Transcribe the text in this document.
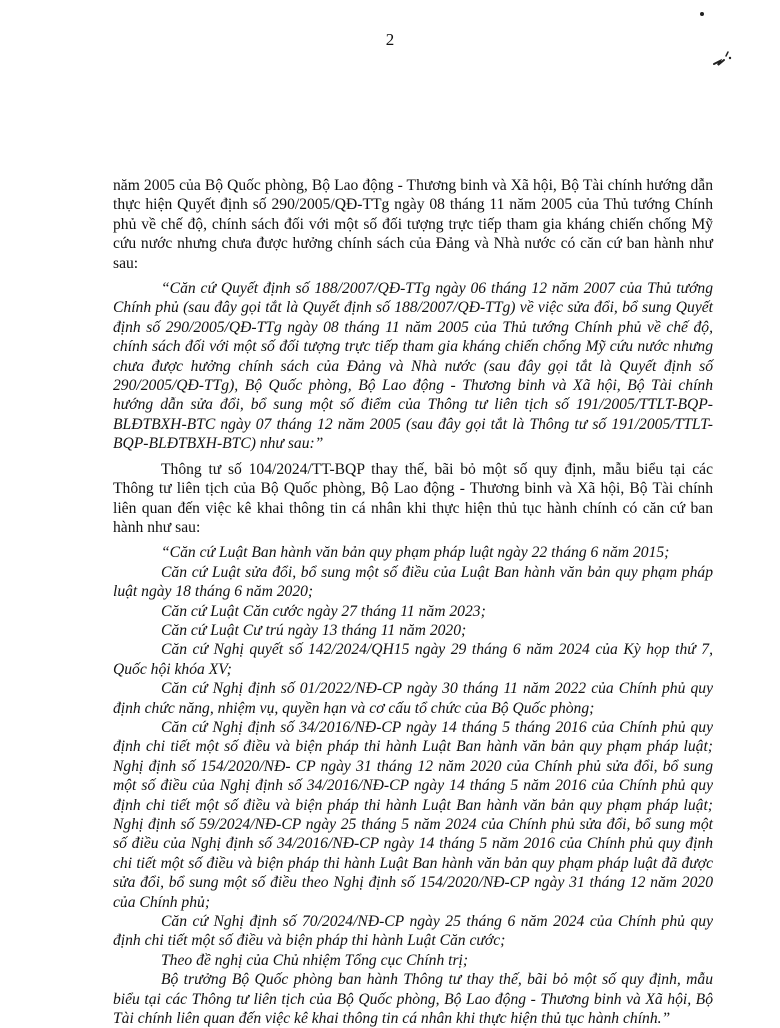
2

năm 2005 của Bộ Quốc phòng, Bộ Lao động - Thương binh và Xã hội, Bộ Tài chính hướng dẫn thực hiện Quyết định số 290/2005/QĐ-TTg ngày 08 tháng 11 năm 2005 của Thủ tướng Chính phủ về chế độ, chính sách đối với một số đối tượng trực tiếp tham gia kháng chiến chống Mỹ cứu nước nhưng chưa được hưởng chính sách của Đảng và Nhà nước có căn cứ ban hành như sau:

“Căn cứ Quyết định số 188/2007/QĐ-TTg ngày 06 tháng 12 năm 2007 của Thủ tướng Chính phủ (sau đây gọi tắt là Quyết định số 188/2007/QĐ-TTg) về việc sửa đổi, bổ sung Quyết định số 290/2005/QĐ-TTg ngày 08 tháng 11 năm 2005 của Thủ tướng Chính phủ về chế độ, chính sách đối với một số đối tượng trực tiếp tham gia kháng chiến chống Mỹ cứu nước nhưng chưa được hưởng chính sách của Đảng và Nhà nước (sau đây gọi tắt là Quyết định số 290/2005/QĐ-TTg), Bộ Quốc phòng, Bộ Lao động - Thương binh và Xã hội, Bộ Tài chính hướng dẫn sửa đổi, bổ sung một số điểm của Thông tư liên tịch số 191/2005/TTLT-BQP-BLĐTBXH-BTC ngày 07 tháng 12 năm 2005 (sau đây gọi tắt là Thông tư số 191/2005/TTLT-BQP-BLĐTBXH-BTC) như sau:”

Thông tư số 104/2024/TT-BQP thay thế, bãi bỏ một số quy định, mẫu biểu tại các Thông tư liên tịch của Bộ Quốc phòng, Bộ Lao động - Thương binh và Xã hội, Bộ Tài chính liên quan đến việc kê khai thông tin cá nhân khi thực hiện thủ tục hành chính có căn cứ ban hành như sau:

“Căn cứ Luật Ban hành văn bản quy phạm pháp luật ngày 22 tháng 6 năm 2015;

Căn cứ Luật sửa đổi, bổ sung một số điều của Luật Ban hành văn bản quy phạm pháp luật ngày 18 tháng 6 năm 2020;

Căn cứ Luật Căn cước ngày 27 tháng 11 năm 2023;

Căn cứ Luật Cư trú ngày 13 tháng 11 năm 2020;

Căn cứ Nghị quyết số 142/2024/QH15 ngày 29 tháng 6 năm 2024 của Kỳ họp thứ 7, Quốc hội khóa XV;

Căn cứ Nghị định số 01/2022/NĐ-CP ngày 30 tháng 11 năm 2022 của Chính phủ quy định chức năng, nhiệm vụ, quyền hạn và cơ cấu tổ chức của Bộ Quốc phòng;

Căn cứ Nghị định số 34/2016/NĐ-CP ngày 14 tháng 5 tháng 2016 của Chính phủ quy định chi tiết một số điều và biện pháp thi hành Luật Ban hành văn bản quy phạm pháp luật; Nghị định số 154/2020/NĐ- CP ngày 31 tháng 12 năm 2020 của Chính phủ sửa đổi, bổ sung một số điều của Nghị định số 34/2016/NĐ-CP ngày 14 tháng 5 năm 2016 của Chính phủ quy định chi tiết một số điều và biện pháp thi hành Luật Ban hành văn bản quy phạm pháp luật; Nghị định số 59/2024/NĐ-CP ngày 25 tháng 5 năm 2024 của Chính phủ sửa đổi, bổ sung một số điều của Nghị định số 34/2016/NĐ-CP ngày 14 tháng 5 năm 2016 của Chính phủ quy định chi tiết một số điều và biện pháp thi hành Luật Ban hành văn bản quy phạm pháp luật đã được sửa đổi, bổ sung một số điều theo Nghị định số 154/2020/NĐ-CP ngày 31 tháng 12 năm 2020 của Chính phủ;

Căn cứ Nghị định số 70/2024/NĐ-CP ngày 25 tháng 6 năm 2024 của Chính phủ quy định chi tiết một số điều và biện pháp thi hành Luật Căn cước;

Theo đề nghị của Chủ nhiệm Tổng cục Chính trị;

Bộ trưởng Bộ Quốc phòng ban hành Thông tư thay thế, bãi bỏ một số quy định, mẫu biểu tại các Thông tư liên tịch của Bộ Quốc phòng, Bộ Lao động - Thương binh và Xã hội, Bộ Tài chính liên quan đến việc kê khai thông tin cá nhân khi thực hiện thủ tục hành chính.”
